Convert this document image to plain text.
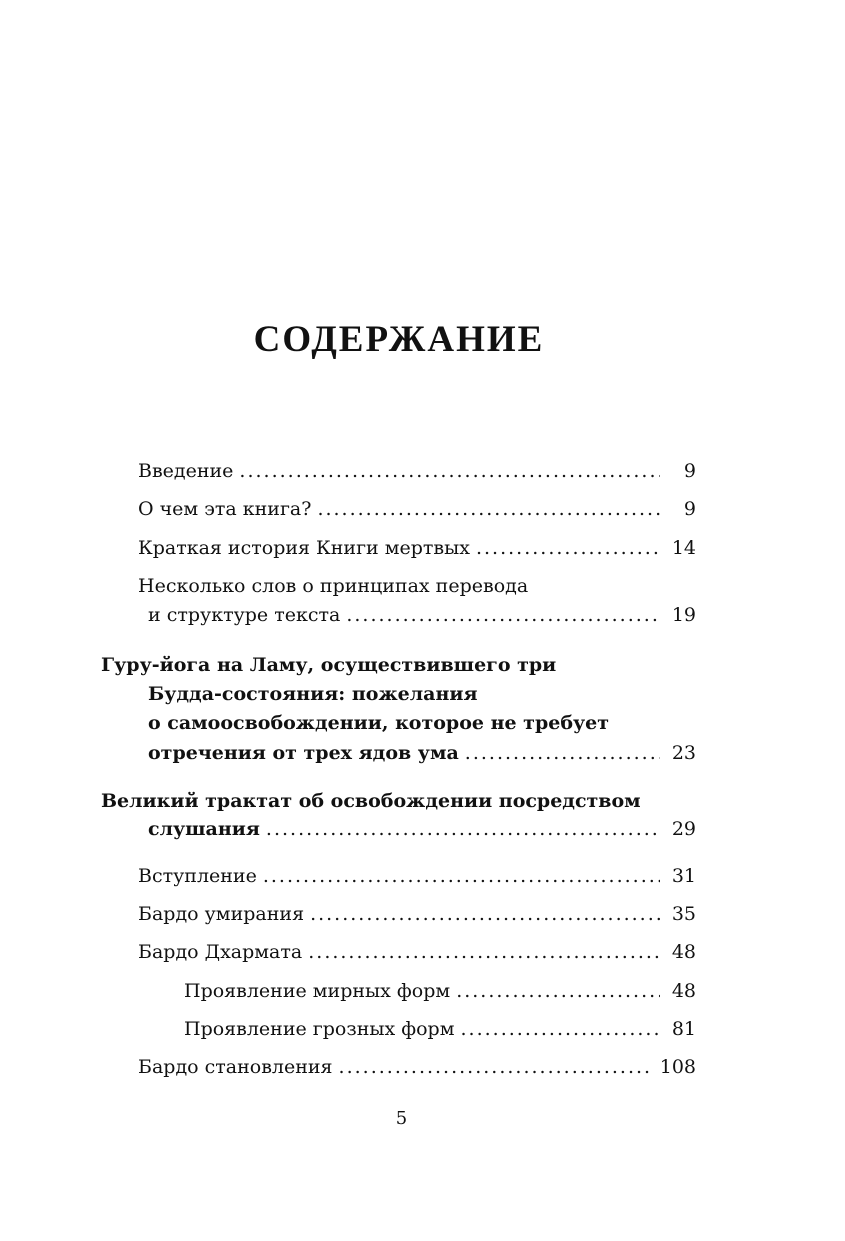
СОДЕРЖАНИЕ
Введение .....	9
О чем эта книга? .....	9
Краткая история Книги мертвых .....	14
Несколько слов о принципах перевода
и структуре текста .....	19
Гуру-йога на Ламу, осуществившего три
Будда-состояния: пожелания
о самоосвобождении, которое не требует
отречения от трех ядов ума .....	23
Великий трактат об освобождении посредством
слушания .....	29
Вступление .....	31
Бардо умирания .....	35
Бардо Дхармата .....	48
Проявление мирных форм .....	48
Проявление грозных форм .....	81
Бардо становления .....	108
5
